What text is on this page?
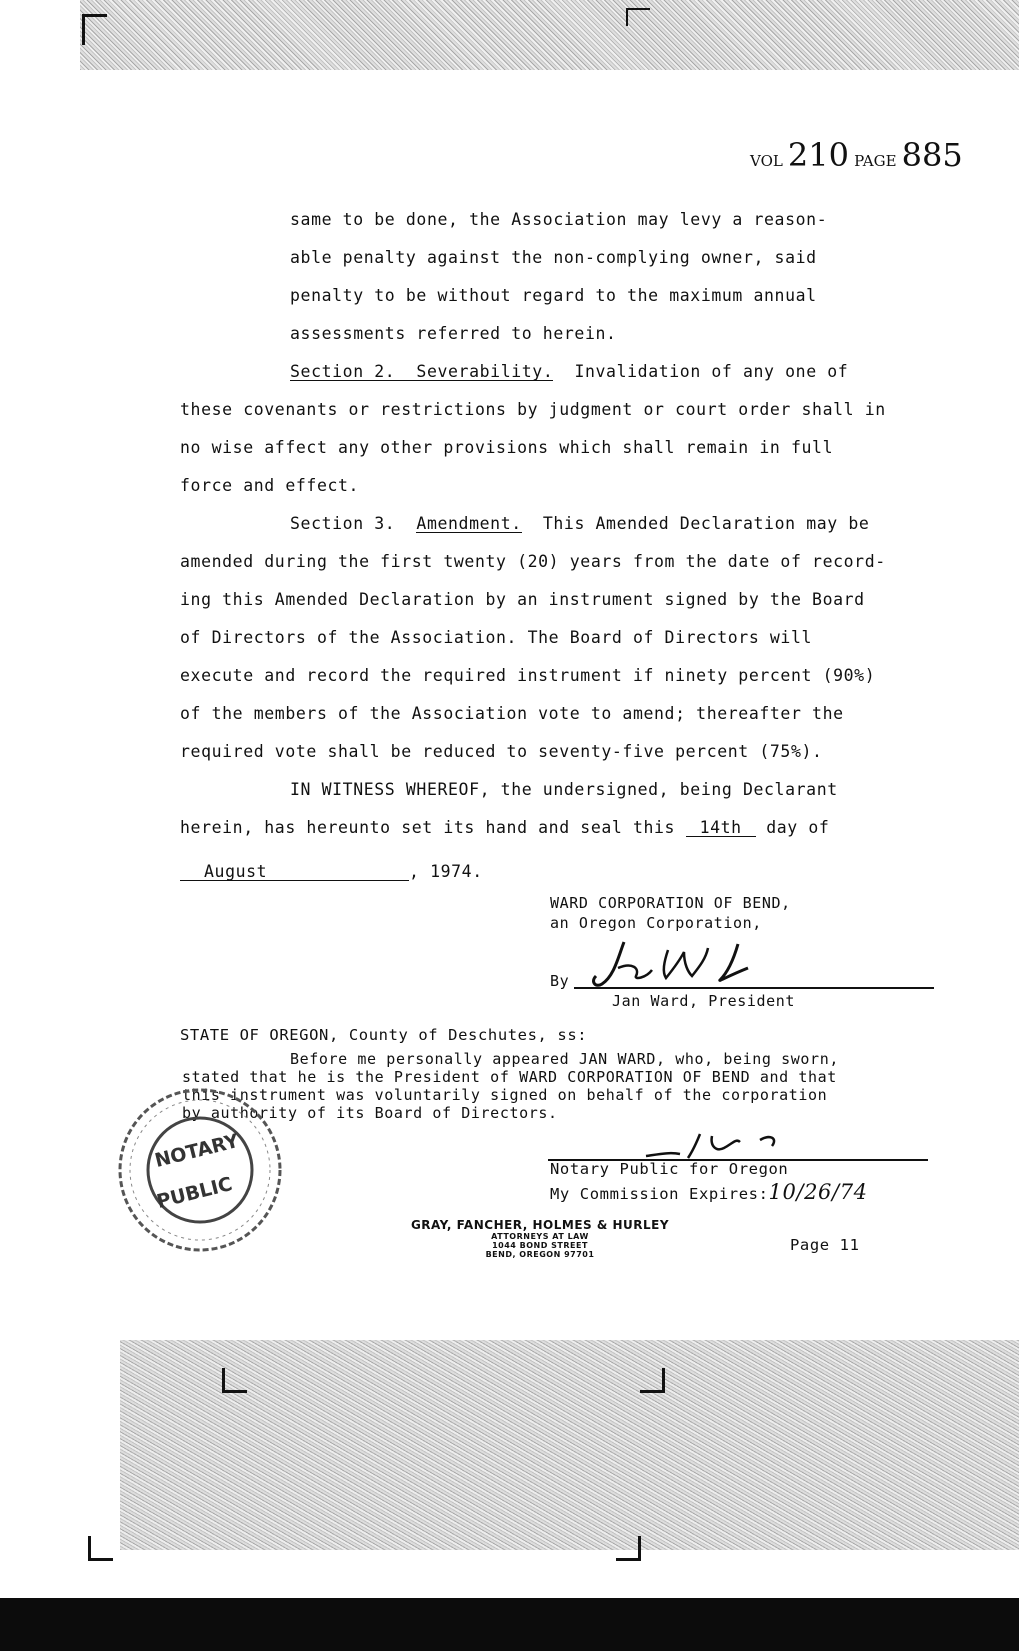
VOL 210 PAGE 885
same to be done, the Association may levy a reason-
able penalty against the non-complying owner, said
penalty to be without regard to the maximum annual
assessments referred to herein.
Section 2. Severability. Invalidation of any one of
these covenants or restrictions by judgment or court order shall in
no wise affect any other provisions which shall remain in full
force and effect.
Section 3. Amendment. This Amended Declaration may be
amended during the first twenty (20) years from the date of record-
ing this Amended Declaration by an instrument signed by the Board
of Directors of the Association. The Board of Directors will
execute and record the required instrument if ninety percent (90%)
of the members of the Association vote to amend; thereafter the
required vote shall be reduced to seventy-five percent (75%).
IN WITNESS WHEREOF, the undersigned, being Declarant
herein, has hereunto set its hand and seal this 14th day of
August	, 1974.
WARD CORPORATION OF BEND,
an Oregon Corporation,
By
Jan Ward, President
STATE OF OREGON, County of Deschutes, ss:
Before me personally appeared JAN WARD, who, being sworn,
stated that he is the President of WARD CORPORATION OF BEND and that
this instrument was voluntarily signed on behalf of the corporation
by authority of its Board of Directors.
Notary Public for Oregon
My Commission Expires:10/26/74
NOTARY
PUBLIC
GRAY, FANCHER, HOLMES & HURLEY
ATTORNEYS AT LAW
1044 BOND STREET
BEND, OREGON 97701
Page 11
